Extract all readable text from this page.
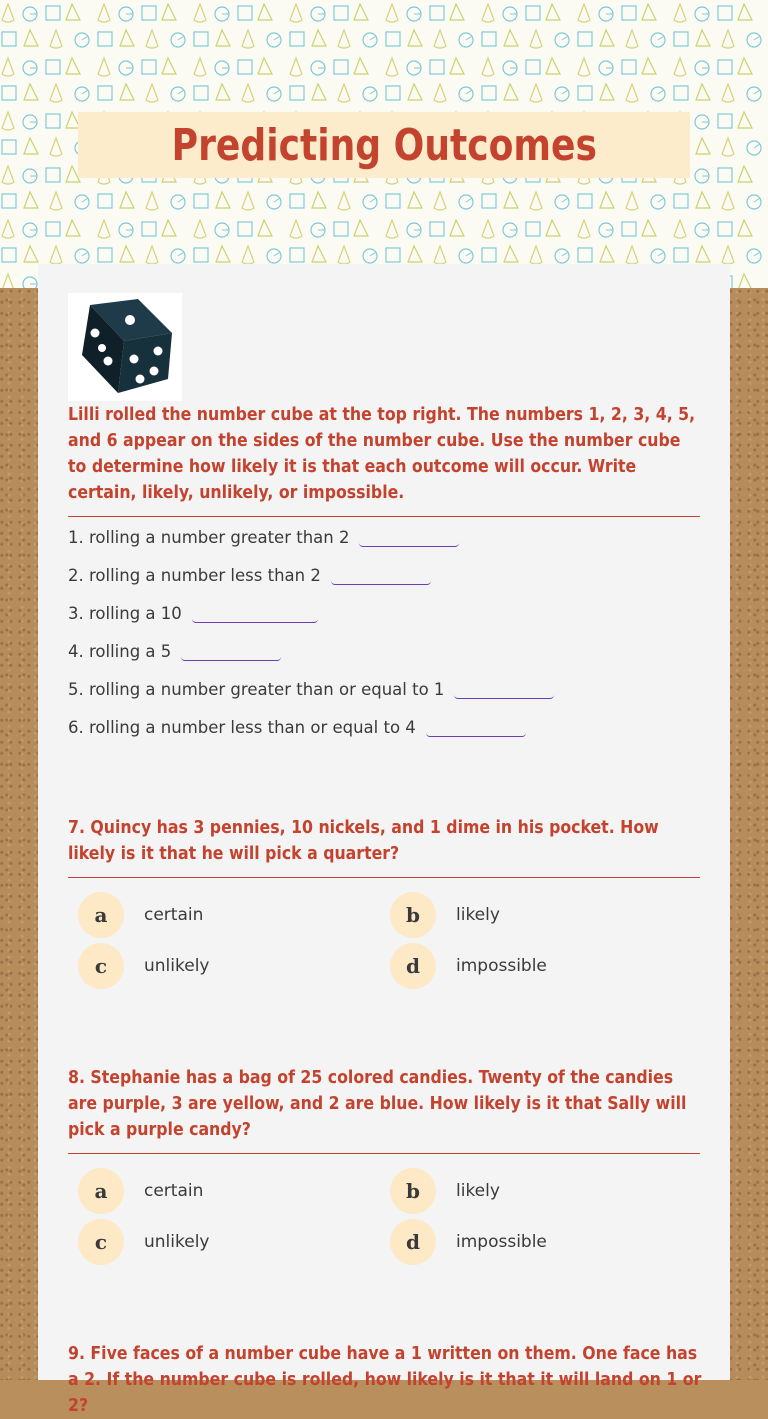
Predicting Outcomes
Lilli rolled the number cube at the top right. The numbers 1, 2, 3, 4, 5, and 6 appear on the sides of the number cube. Use the number cube to determine how likely it is that each outcome will occur. Write certain, likely, unlikely, or impossible.
1. rolling a number greater than 2
2. rolling a number less than 2
3. rolling a 10
4. rolling a 5
5. rolling a number greater than or equal to 1
6. rolling a number less than or equal to 4
7. Quincy has 3 pennies, 10 nickels, and 1 dime in his pocket. How likely is it that he will pick a quarter?
a	certain	b	likely
c	unlikely	d	impossible
8. Stephanie has a bag of 25 colored candies. Twenty of the candies are purple, 3 are yellow, and 2 are blue. How likely is it that Sally will pick a purple candy?
a	certain	b	likely
c	unlikely	d	impossible
9. Five faces of a number cube have a 1 written on them. One face has a 2. If the number cube is rolled, how likely is it that it will land on 1 or 2?
